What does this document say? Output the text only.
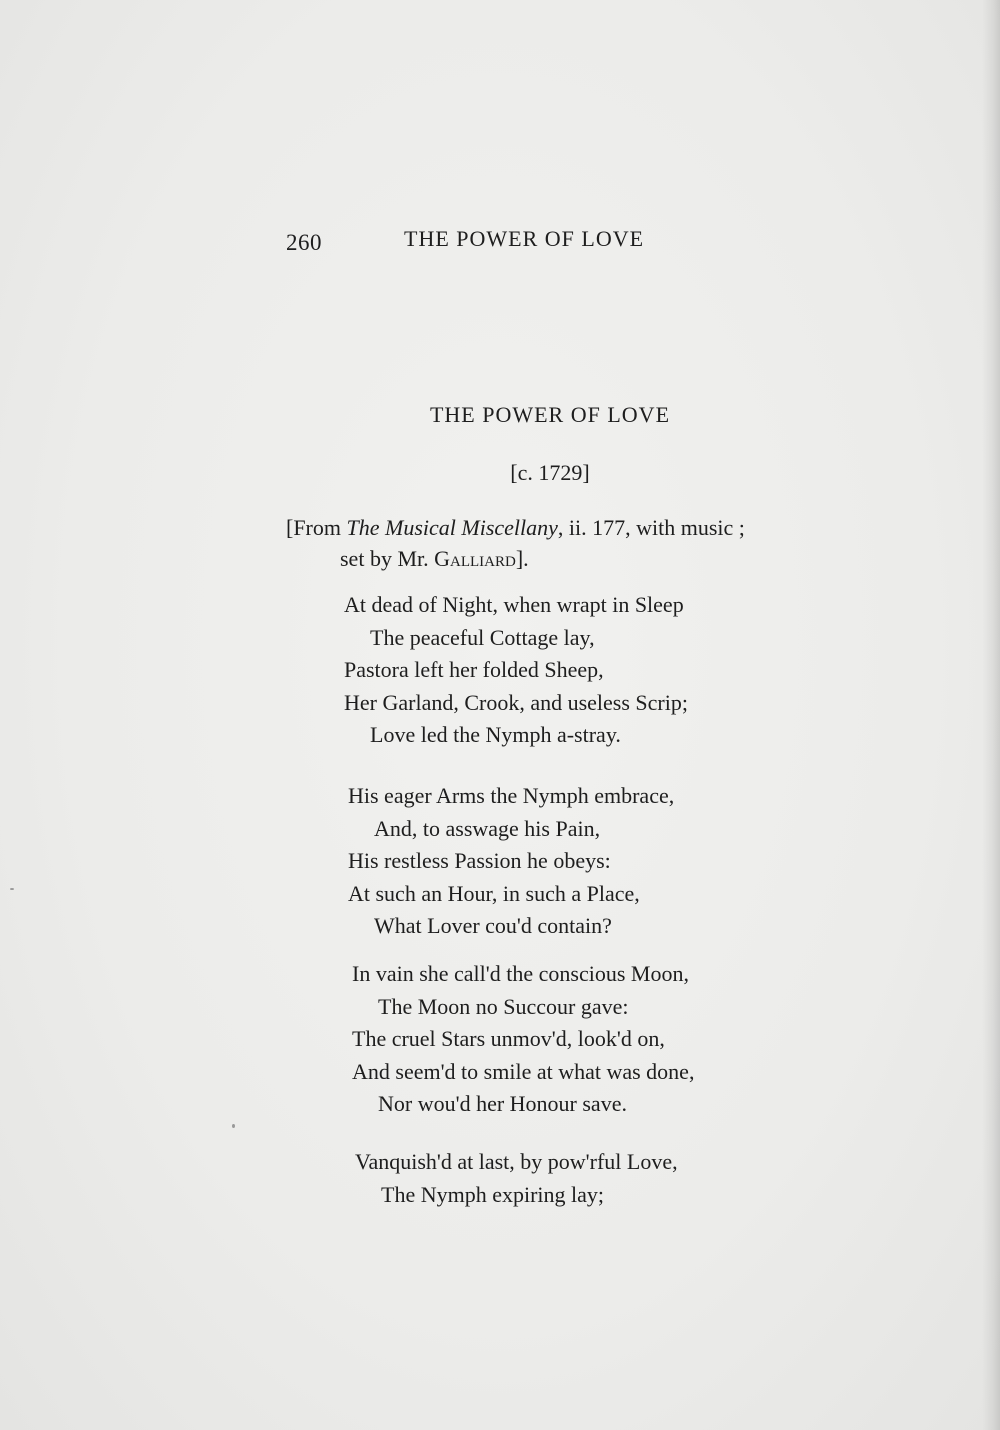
260	THE POWER OF LOVE
THE POWER OF LOVE
[c. 1729]
[From The Musical Miscellany, ii. 177, with music ;
set by Mr. Galliard].
At dead of Night, when wrapt in Sleep
The peaceful Cottage lay,
Pastora left her folded Sheep,
Her Garland, Crook, and useless Scrip;
Love led the Nymph a-stray.
His eager Arms the Nymph embrace,
And, to asswage his Pain,
His restless Passion he obeys:
At such an Hour, in such a Place,
What Lover cou'd contain?
In vain she call'd the conscious Moon,
The Moon no Succour gave:
The cruel Stars unmov'd, look'd on,
And seem'd to smile at what was done,
Nor wou'd her Honour save.
Vanquish'd at last, by pow'rful Love,
The Nymph expiring lay;
